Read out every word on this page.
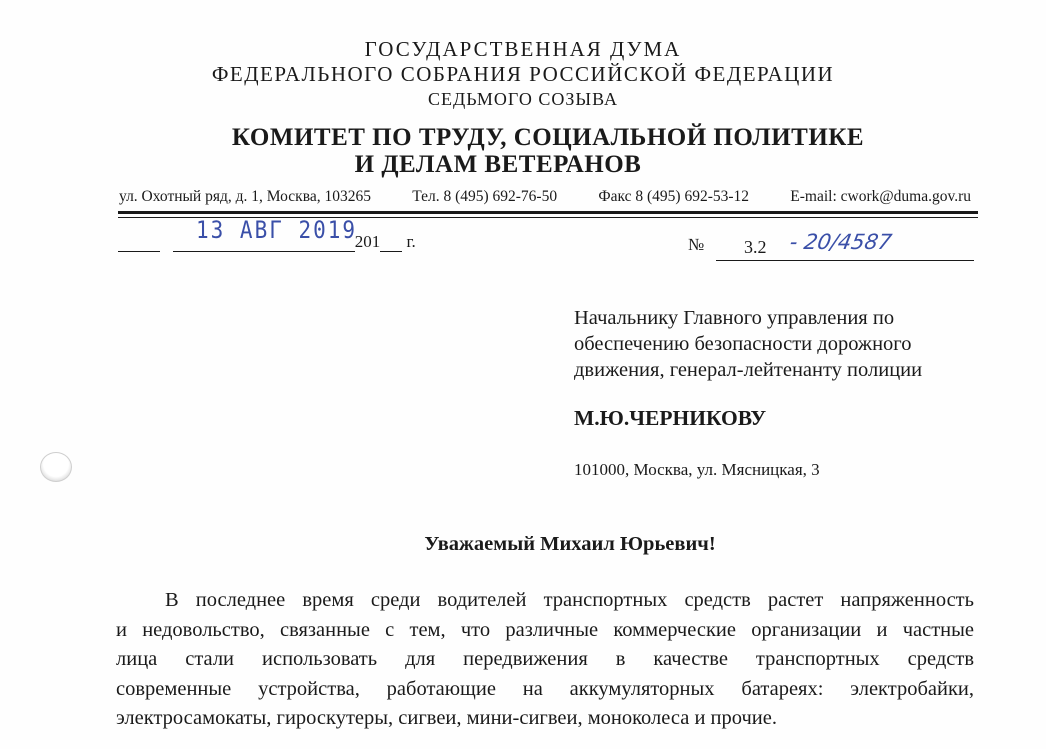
ГОСУДАРСТВЕННАЯ ДУМА
ФЕДЕРАЛЬНОГО СОБРАНИЯ РОССИЙСКОЙ ФЕДЕРАЦИИ
СЕДЬМОГО СОЗЫВА
КОМИТЕТ ПО ТРУДУ, СОЦИАЛЬНОЙ ПОЛИТИКЕ
И ДЕЛАМ ВЕТЕРАНОВ
ул. Охотный ряд, д. 1, Москва, 103265	Тел. 8 (495) 692-76-50	Факс 8 (495) 692-53-12	E-mail: cwork@duma.gov.ru
201 г.
13 АВГ 2019
№ 3.2 - 20/4587
Начальнику Главного управления по
обеспечению безопасности дорожного
движения, генерал-лейтенанту полиции
М.Ю.ЧЕРНИКОВУ
101000, Москва, ул. Мясницкая, 3
Уважаемый Михаил Юрьевич!
В последнее время среди водителей транспортных средств растет напряженность
и недовольство, связанные с тем, что различные коммерческие организации и частные
лица стали использовать для передвижения в качестве транспортных средств
современные устройства, работающие на аккумуляторных батареях: электробайки,
электросамокаты, гироскутеры, сигвеи, мини-сигвеи, моноколеса и прочие.
